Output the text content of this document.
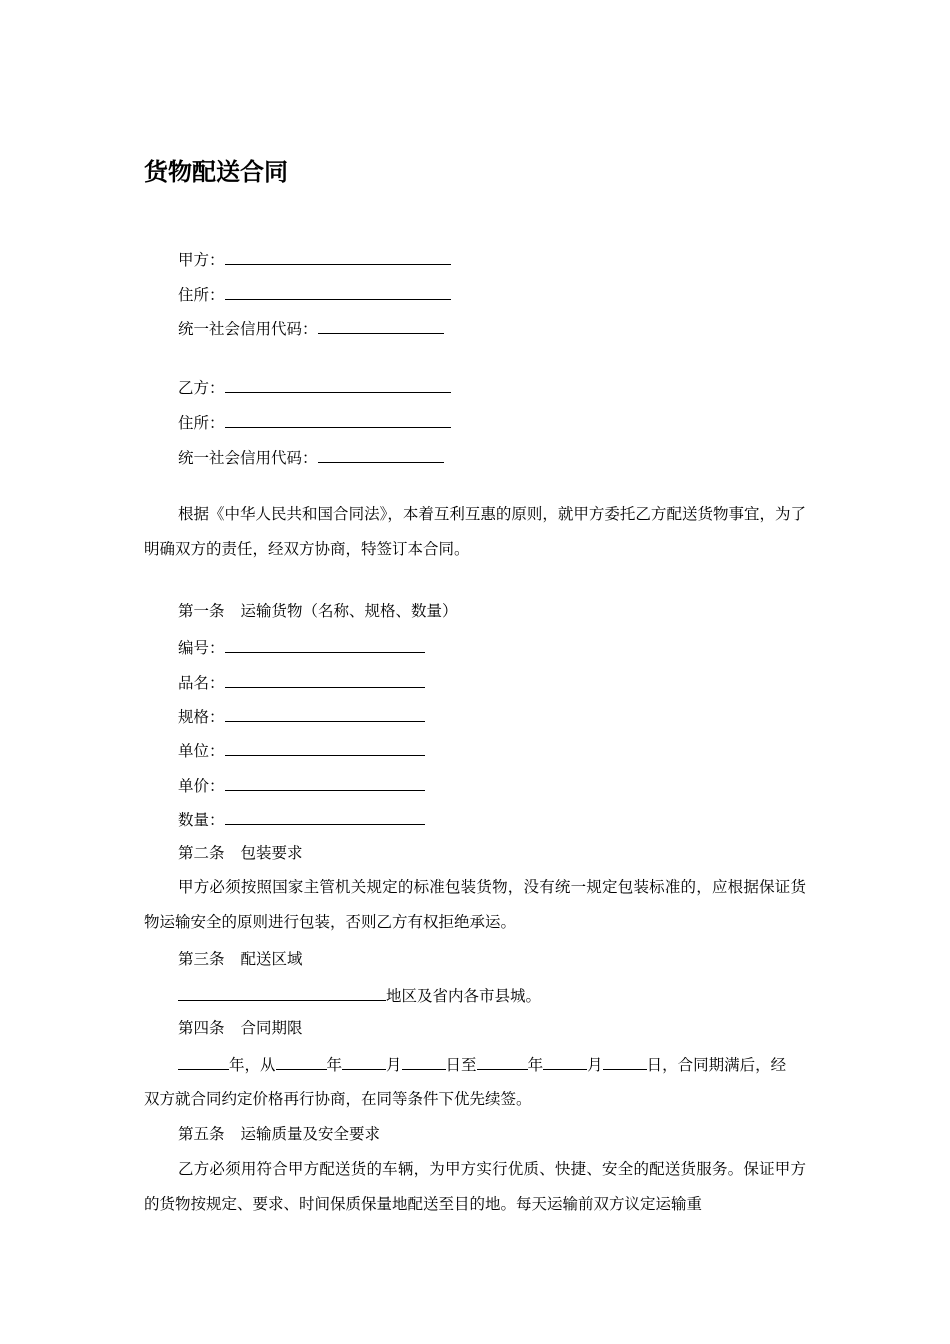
货物配送合同
甲方：
住所：
统一社会信用代码：
乙方：
住所：
统一社会信用代码：
根据《中华人民共和国合同法》，本着互利互惠的原则，就甲方委托乙方配送货物事宜，为了明确双方的责任，经双方协商，特签订本合同。
第一条 运输货物（名称、规格、数量）
编号：
品名：
规格：
单位：
单价：
数量：
第二条 包装要求
甲方必须按照国家主管机关规定的标准包装货物，没有统一规定包装标准的，应根据保证货物运输安全的原则进行包装，否则乙方有权拒绝承运。
第三条 配送区域
地区及省内各市县城。
第四条 合同期限
年，从	年	月	日至	年	月	日，合同期满后，经
双方就合同约定价格再行协商，在同等条件下优先续签。
第五条 运输质量及安全要求
乙方必须用符合甲方配送货的车辆，为甲方实行优质、快捷、安全的配送货服务。保证甲方的货物按规定、要求、时间保质保量地配送至目的地。每天运输前双方议定运输重
